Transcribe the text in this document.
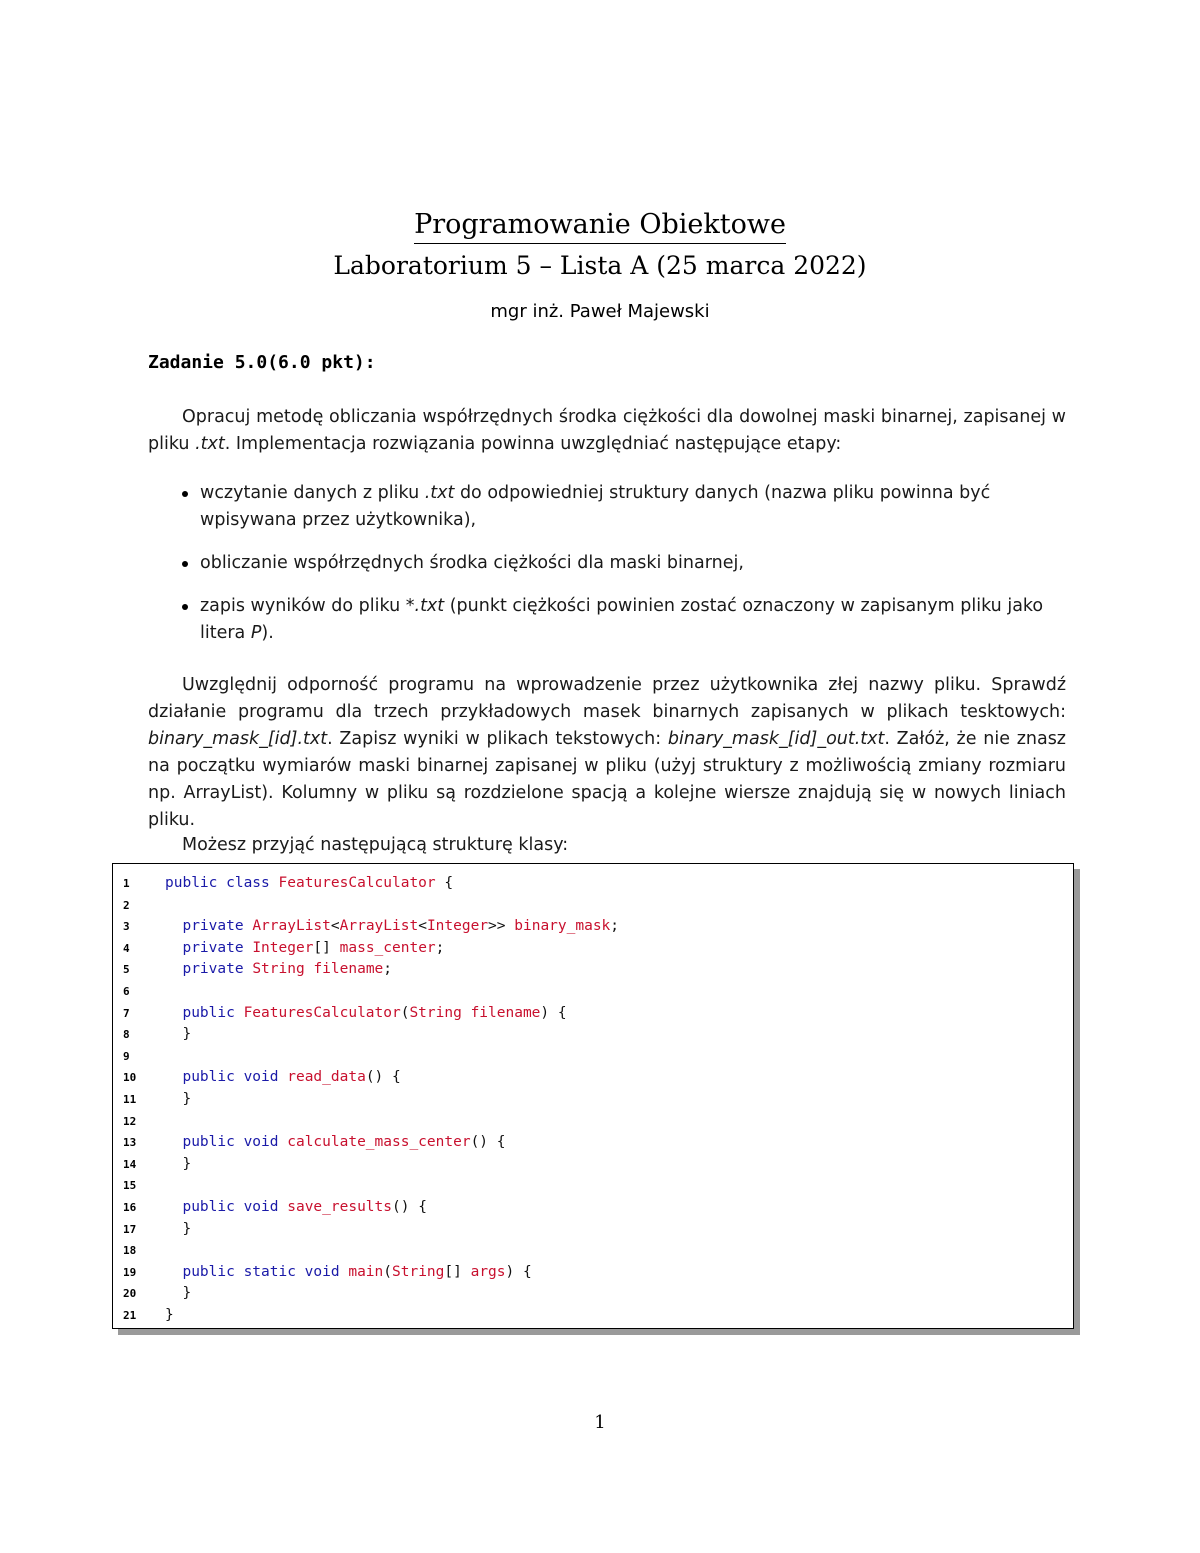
Programowanie Obiektowe
Laboratorium 5 – Lista A (25 marca 2022)
mgr inż. Paweł Majewski
Zadanie 5.0(6.0 pkt):
Opracuj metodę obliczania współrzędnych środka ciężkości dla dowolnej maski binarnej, zapisanej w pliku .txt. Implementacja rozwiązania powinna uwzględniać następujące etapy:
wczytanie danych z pliku .txt do odpowiedniej struktury danych (nazwa pliku powinna być wpisywana przez użytkownika),
obliczanie współrzędnych środka ciężkości dla maski binarnej,
zapis wyników do pliku *.txt (punkt ciężkości powinien zostać oznaczony w zapisanym pliku jako litera P).
Uwzględnij odporność programu na wprowadzenie przez użytkownika złej nazwy pliku. Sprawdź działanie programu dla trzech przykładowych masek binarnych zapisanych w plikach tesktowych: binary_mask_[id].txt. Zapisz wyniki w plikach tekstowych: binary_mask_[id]_out.txt. Załóż, że nie znasz na początku wymiarów maski binarnej zapisanej w pliku (użyj struktury z możliwością zmiany rozmiaru np. ArrayList). Kolumny w pliku są rozdzielone spacją a kolejne wiersze znajdują się w nowych liniach pliku.
Możesz przyjąć następującą strukturę klasy:
1	public class FeaturesCalculator {
2
3	private ArrayList<ArrayList<Integer>> binary_mask;
4	private Integer[] mass_center;
5	private String filename;
6
7	public FeaturesCalculator(String filename) {
8	}
9
10	public void read_data() {
11	}
12
13	public void calculate_mass_center() {
14	}
15
16	public void save_results() {
17	}
18
19	public static void main(String[] args) {
20	}
21	}
1
